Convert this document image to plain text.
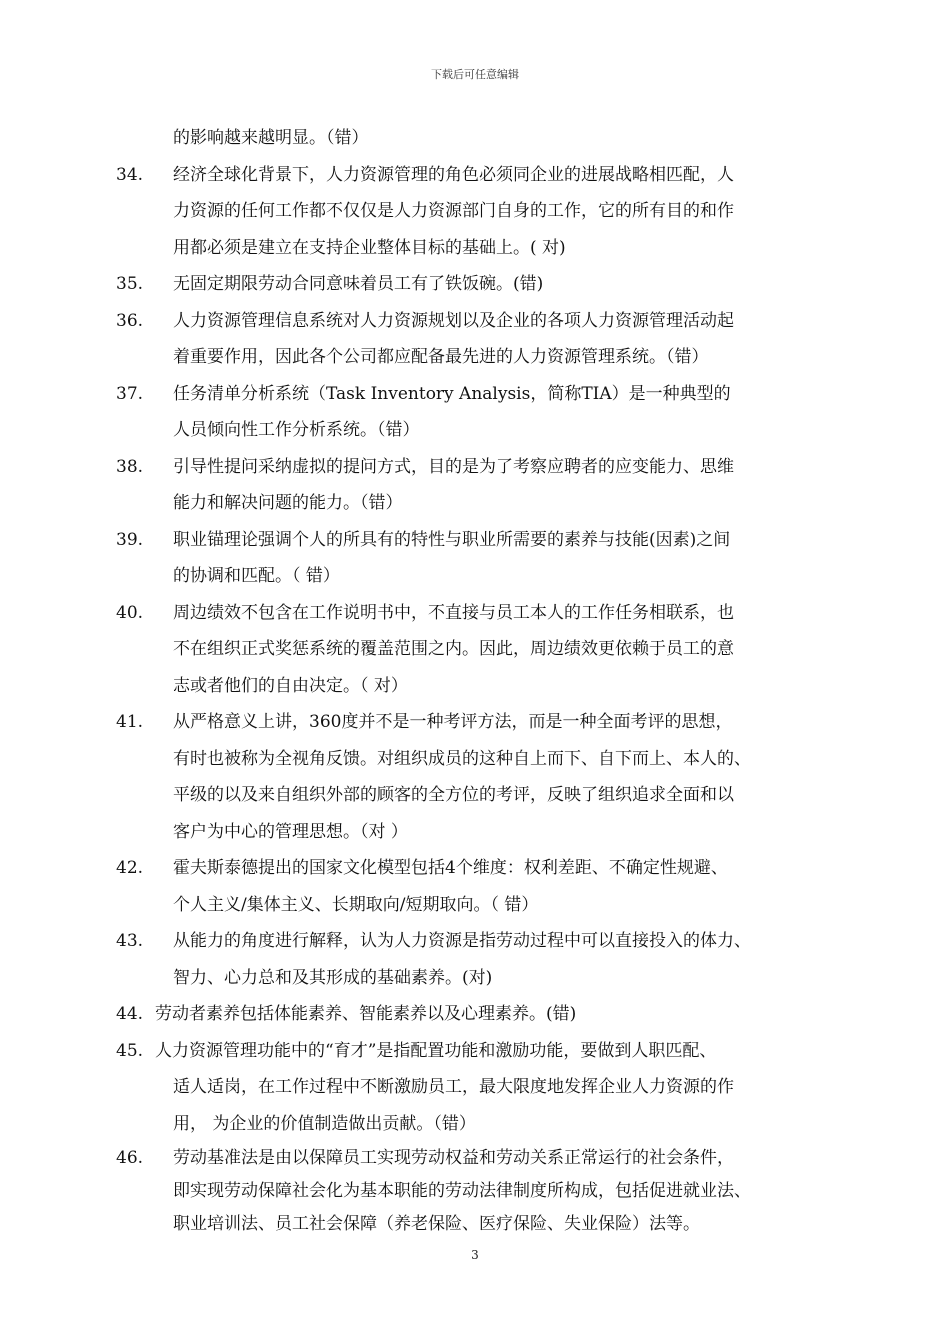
下载后可任意编辑
的影响越来越明显。（错）
34.	经济全球化背景下，人力资源管理的角色必须同企业的进展战略相匹配，人
力资源的任何工作都不仅仅是人力资源部门自身的工作，它的所有目的和作
用都必须是建立在支持企业整体目标的基础上。( 对)
35.	无固定期限劳动合同意味着员工有了铁饭碗。(错)
36.	人力资源管理信息系统对人力资源规划以及企业的各项人力资源管理活动起
着重要作用，因此各个公司都应配备最先进的人力资源管理系统。（错）
37.	任务清单分析系统（Task Inventory Analysis，简称TIA）是一种典型的
人员倾向性工作分析系统。（错）
38.	引导性提问采纳虚拟的提问方式，目的是为了考察应聘者的应变能力、思维
能力和解决问题的能力。（错）
39.	职业锚理论强调个人的所具有的特性与职业所需要的素养与技能(因素)之间
的协调和匹配。（ 错）
40.	周边绩效不包含在工作说明书中，不直接与员工本人的工作任务相联系，也
不在组织正式奖惩系统的覆盖范围之内。因此，周边绩效更依赖于员工的意
志或者他们的自由决定。（ 对）
41.	从严格意义上讲，360度并不是一种考评方法，而是一种全面考评的思想，
有时也被称为全视角反馈。对组织成员的这种自上而下、自下而上、本人的、
平级的以及来自组织外部的顾客的全方位的考评，反映了组织追求全面和以
客户为中心的管理思想。（对 ）
42.	霍夫斯泰德提出的国家文化模型包括4个维度：权利差距、不确定性规避、
个人主义/集体主义、长期取向/短期取向。（ 错）
43.	从能力的角度进行解释，认为人力资源是指劳动过程中可以直接投入的体力、
智力、心力总和及其形成的基础素养。(对)
44. 劳动者素养包括体能素养、智能素养以及心理素养。(错)
45. 人力资源管理功能中的“育才”是指配置功能和激励功能，要做到人职匹配、
适人适岗，在工作过程中不断激励员工，最大限度地发挥企业人力资源的作
用， 为企业的价值制造做出贡献。（错）
46.	劳动基准法是由以保障员工实现劳动权益和劳动关系正常运行的社会条件，
即实现劳动保障社会化为基本职能的劳动法律制度所构成，包括促进就业法、
职业培训法、员工社会保障（养老保险、医疗保险、失业保险）法等。
3
